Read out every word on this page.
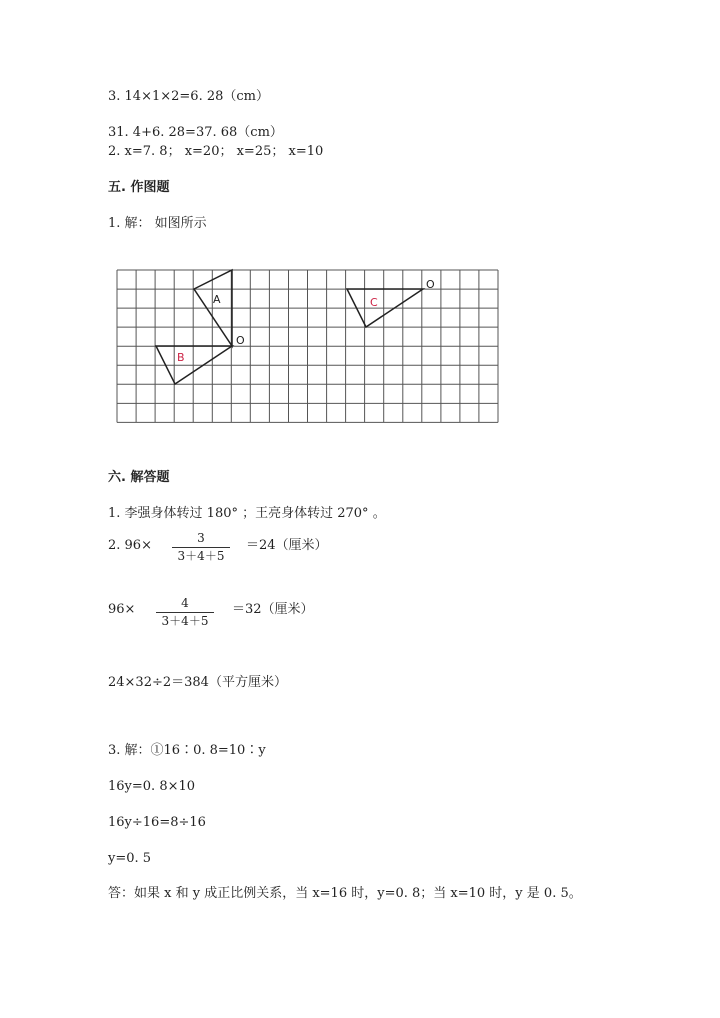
3. 14×1×2=6. 28（cm）
31. 4+6. 28=37. 68（cm）
2. x=7. 8； x=20； x=25； x=10
五. 作图题
1. 解： 如图所示
A
B
C
O
O
六. 解答题
1. 李强身体转过 180° ；王亮身体转过 270° 。
2. 96×	3
3＋4＋5
＝24（厘米）
96×	4
3＋4＋5
＝32（厘米）
24×32÷2＝384（平方厘米）
3. 解：①16∶0. 8=10∶y
16y=0. 8×10
16y÷16=8÷16
y=0. 5
答：如果 x 和 y 成正比例关系，当 x=16 时，y=0. 8；当 x=10 时，y 是 0. 5。
